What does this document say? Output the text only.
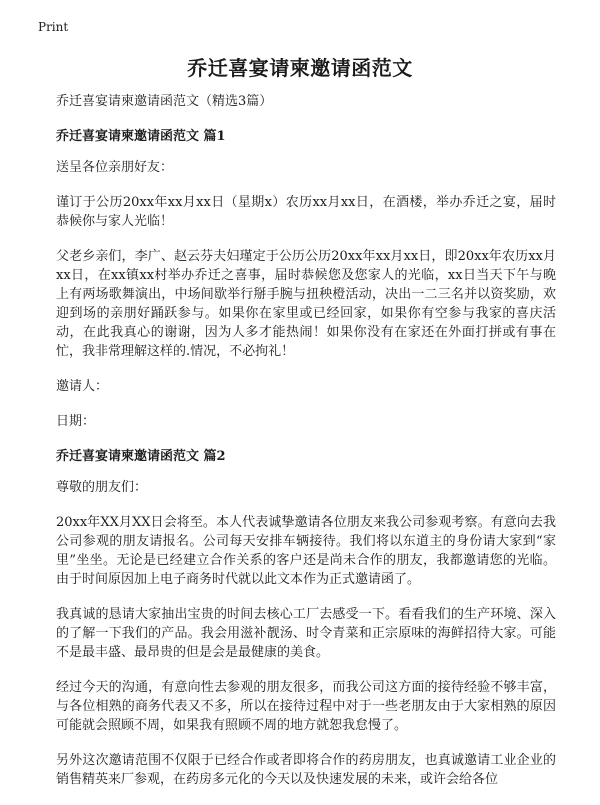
Print
乔迁喜宴请柬邀请函范文

乔迁喜宴请柬邀请函范文（精选3篇）

乔迁喜宴请柬邀请函范文 篇1

送呈各位亲朋好友：

谨订于公历20xx年xx月xx日（星期x）农历xx月xx日，在酒楼，举办乔迁之宴，届时恭候你与家人光临！

父老乡亲们，李广、赵云芬夫妇瑾定于公历公历20xx年xx月xx日，即20xx年农历xx月xx日，在xx镇xx村举办乔迁之喜事，届时恭候您及您家人的光临，xx日当天下午与晚上有两场歌舞演出，中场间歇举行掰手腕与扭秧橙活动，决出一二三名并以资奖励，欢迎到场的亲朋好踊跃参与。如果你在家里或已经回家，如果你有空参与我家的喜庆活动，在此我真心的谢谢，因为人多才能热闹！如果你没有在家还在外面打拼或有事在忙，我非常理解这样的.情况，不必拘礼！

邀请人：

日期：

乔迁喜宴请柬邀请函范文 篇2

尊敬的朋友们：

20xx年XX月XX日会将至。本人代表诚挚邀请各位朋友来我公司参观考察。有意向去我公司参观的朋友请报名。公司每天安排车辆接待。我们将以东道主的身份请大家到“家里”坐坐。无论是已经建立合作关系的客户还是尚未合作的朋友，我都邀请您的光临。由于时间原因加上电子商务时代就以此文本作为正式邀请函了。

我真诚的恳请大家抽出宝贵的时间去核心工厂去感受一下。看看我们的生产环境、深入的了解一下我们的产品。我会用滋补靓汤、时令青菜和正宗原味的海鲜招待大家。可能不是最丰盛、最昂贵的但是会是最健康的美食。

经过今天的沟通，有意向性去参观的朋友很多，而我公司这方面的接待经验不够丰富，与各位相熟的商务代表又不多，所以在接待过程中对于一些老朋友由于大家相熟的原因可能就会照顾不周，如果我有照顾不周的地方就恕我怠慢了。

另外这次邀请范围不仅限于已经合作或者即将合作的药房朋友，也真诚邀请工业企业的销售精英来厂参观，在药房多元化的今天以及快速发展的未来，或许会给各位
